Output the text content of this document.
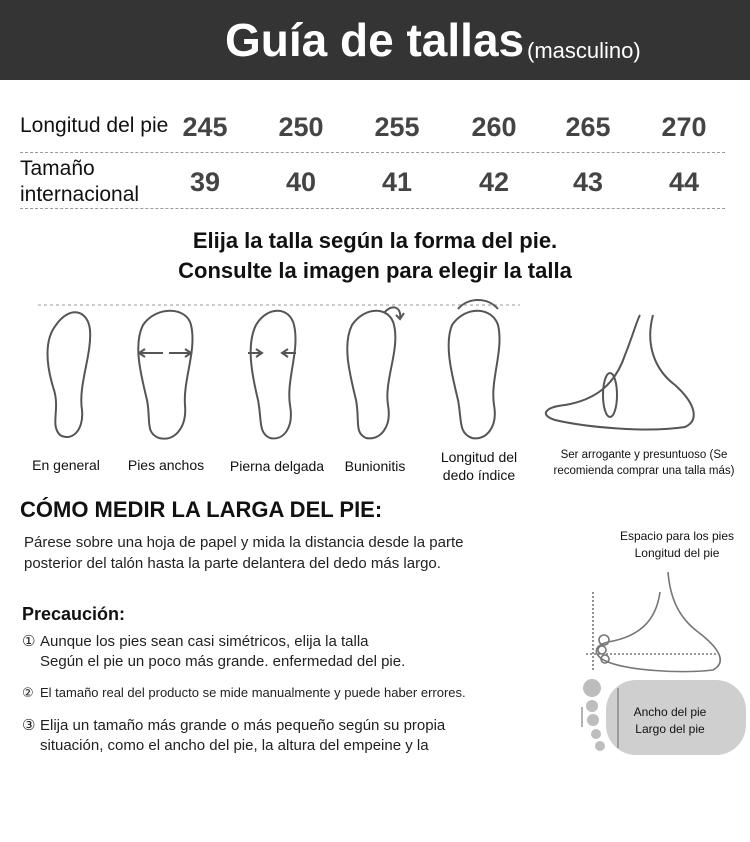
Guía de tallas (masculino)
Longitud del pie 245	250	255	260	265	270
Tamaño
internacional	39	40	41	42	43	44
Elija la talla según la forma del pie.
Consulte la imagen para elegir la talla
En general	Pies anchos	Pierna delgada	Bunionitis
Longitud del
dedo índice
Ser arrogante y presuntuoso (Se
recomienda comprar una talla más)
CÓMO MEDIR LA LARGA DEL PIE:
Párese sobre una hoja de papel y mida la distancia desde la parte
posterior del talón hasta la parte delantera del dedo más largo.
Espacio para los pies
Longitud del pie
Ancho del pie
Largo del pie
Precaución:
① Aunque los pies sean casi simétricos, elija la talla
Según el pie un poco más grande. enfermedad del pie.
② El tamaño real del producto se mide manualmente y puede haber errores.
③ Elija un tamaño más grande o más pequeño según su propia
situación, como el ancho del pie, la altura del empeine y la
